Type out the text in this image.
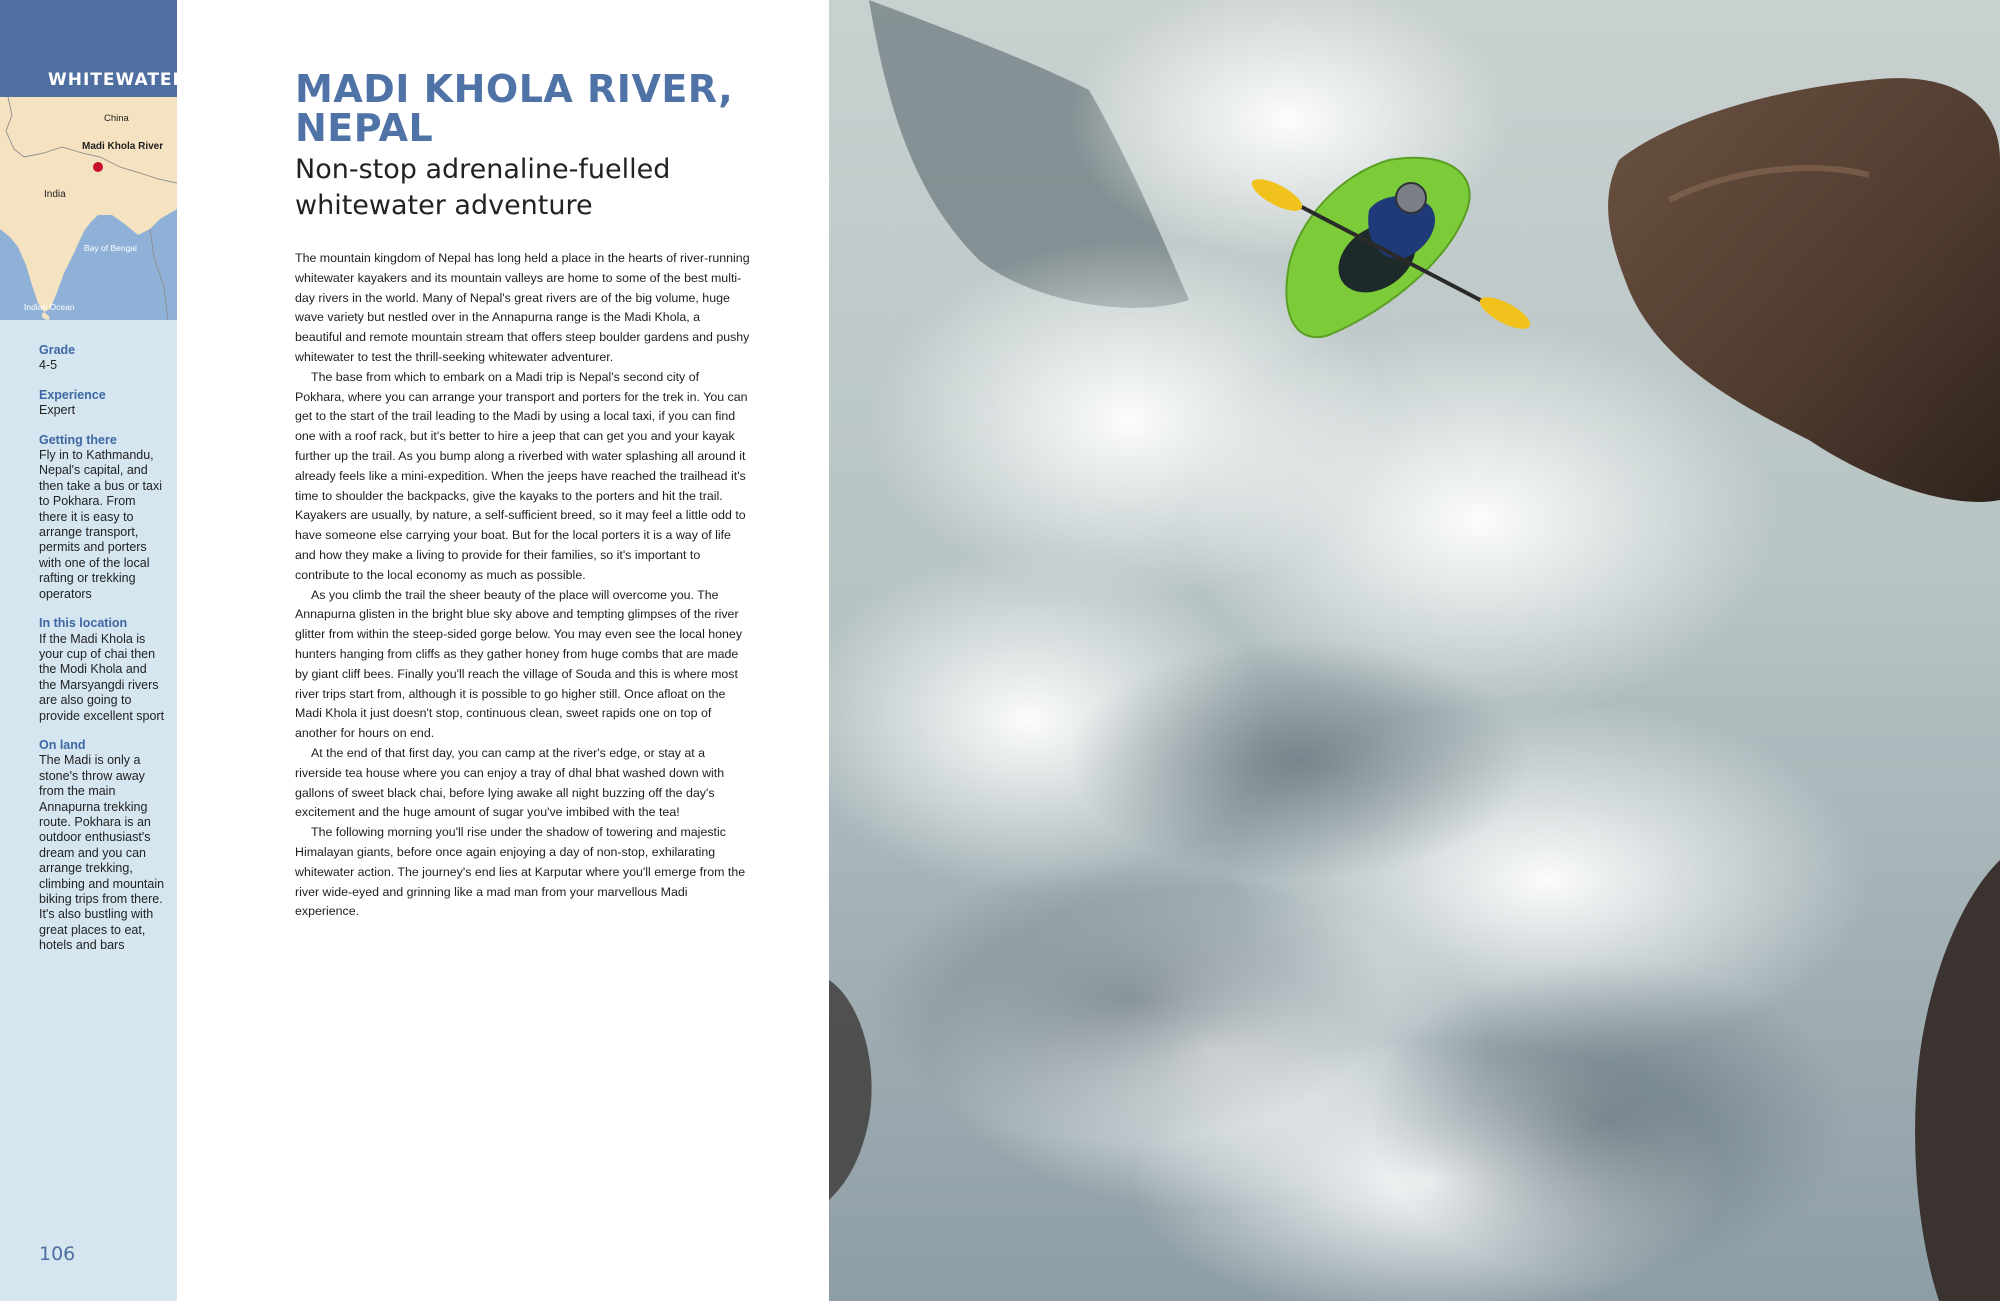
WHITEWATER
China
Madi Khola River
India
Bay of Bengal
Indian Ocean
Grade
4-5
Experience
Expert
Getting there
Fly in to Kathmandu, Nepal's capital, and then take a bus or taxi to Pokhara. From there it is easy to arrange transport, permits and porters with one of the local rafting or trekking operators
In this location
If the Madi Khola is your cup of chai then the Modi Khola and the Marsyangdi rivers are also going to provide excellent sport
On land
The Madi is only a stone's throw away from the main Annapurna trekking route. Pokhara is an outdoor enthusiast's dream and you can arrange trekking, climbing and mountain biking trips from there. It's also bustling with great places to eat, hotels and bars
106
MADI KHOLA RIVER,
NEPAL
Non-stop adrenaline-fuelled
whitewater adventure

The mountain kingdom of Nepal has long held a place in the hearts of river-running whitewater kayakers and its mountain valleys are home to some of the best multi-day rivers in the world. Many of Nepal's great rivers are of the big volume, huge wave variety but nestled over in the Annapurna range is the Madi Khola, a beautiful and remote mountain stream that offers steep boulder gardens and pushy whitewater to test the thrill-seeking whitewater adventurer.

The base from which to embark on a Madi trip is Nepal's second city of Pokhara, where you can arrange your transport and porters for the trek in. You can get to the start of the trail leading to the Madi by using a local taxi, if you can find one with a roof rack, but it's better to hire a jeep that can get you and your kayak further up the trail. As you bump along a riverbed with water splashing all around it already feels like a mini-expedition. When the jeeps have reached the trailhead it's time to shoulder the backpacks, give the kayaks to the porters and hit the trail. Kayakers are usually, by nature, a self-sufficient breed, so it may feel a little odd to have someone else carrying your boat. But for the local porters it is a way of life and how they make a living to provide for their families, so it's important to contribute to the local economy as much as possible.

As you climb the trail the sheer beauty of the place will overcome you. The Annapurna glisten in the bright blue sky above and tempting glimpses of the river glitter from within the steep-sided gorge below. You may even see the local honey hunters hanging from cliffs as they gather honey from huge combs that are made by giant cliff bees. Finally you'll reach the village of Souda and this is where most river trips start from, although it is possible to go higher still. Once afloat on the Madi Khola it just doesn't stop, continuous clean, sweet rapids one on top of another for hours on end.

At the end of that first day, you can camp at the river's edge, or stay at a riverside tea house where you can enjoy a tray of dhal bhat washed down with gallons of sweet black chai, before lying awake all night buzzing off the day's excitement and the huge amount of sugar you've imbibed with the tea!

The following morning you'll rise under the shadow of towering and majestic Himalayan giants, before once again enjoying a day of non-stop, exhilarating whitewater action. The journey's end lies at Karputar where you'll emerge from the river wide-eyed and grinning like a mad man from your marvellous Madi experience.
